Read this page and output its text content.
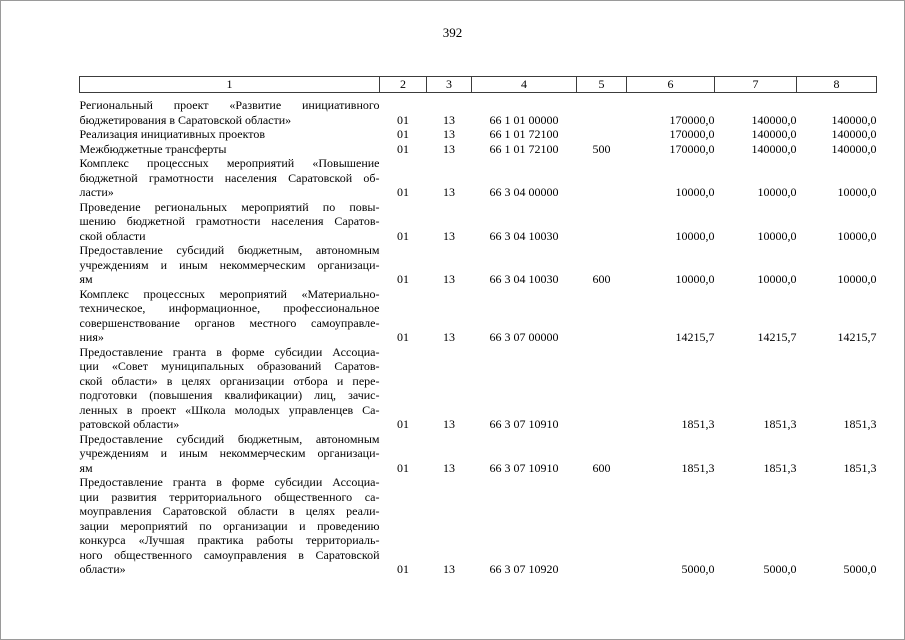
392
1	2	3	4	5	6	7	8

Региональный проект «Развитие инициативного
бюджетирования в Саратовской области»	01	13	66 1 01 00000		170000,0	140000,0	140000,0

Реализация инициативных проектов	01	13	66 1 01 72100		170000,0	140000,0	140000,0

Межбюджетные трансферты	01	13	66 1 01 72100	500	170000,0	140000,0	140000,0

Комплекс процессных мероприятий «Повышение
бюджетной грамотности населения Саратовской об-
ласти»	01	13	66 3 04 00000		10000,0	10000,0	10000,0

Проведение региональных мероприятий по повы-
шению бюджетной грамотности населения Саратов-
ской области	01	13	66 3 04 10030		10000,0	10000,0	10000,0

Предоставление субсидий бюджетным, автономным
учреждениям и иным некоммерческим организаци-
ям	01	13	66 3 04 10030	600	10000,0	10000,0	10000,0

Комплекс процессных мероприятий «Материально-
техническое, информационное, профессиональное
совершенствование органов местного самоуправле-
ния»	01	13	66 3 07 00000		14215,7	14215,7	14215,7

Предоставление гранта в форме субсидии Ассоциа-
ции «Совет муниципальных образований Саратов-
ской области» в целях организации отбора и пере-
подготовки (повышения квалификации) лиц, зачис-
ленных в проект «Школа молодых управленцев Са-
ратовской области»	01	13	66 3 07 10910		1851,3	1851,3	1851,3

Предоставление субсидий бюджетным, автономным
учреждениям и иным некоммерческим организаци-
ям	01	13	66 3 07 10910	600	1851,3	1851,3	1851,3

Предоставление гранта в форме субсидии Ассоциа-
ции развития территориального общественного са-
моуправления Саратовской области в целях реали-
зации мероприятий по организации и проведению
конкурса «Лучшая практика работы территориаль-
ного общественного самоуправления в Саратовской
области»	01	13	66 3 07 10920		5000,0	5000,0	5000,0
